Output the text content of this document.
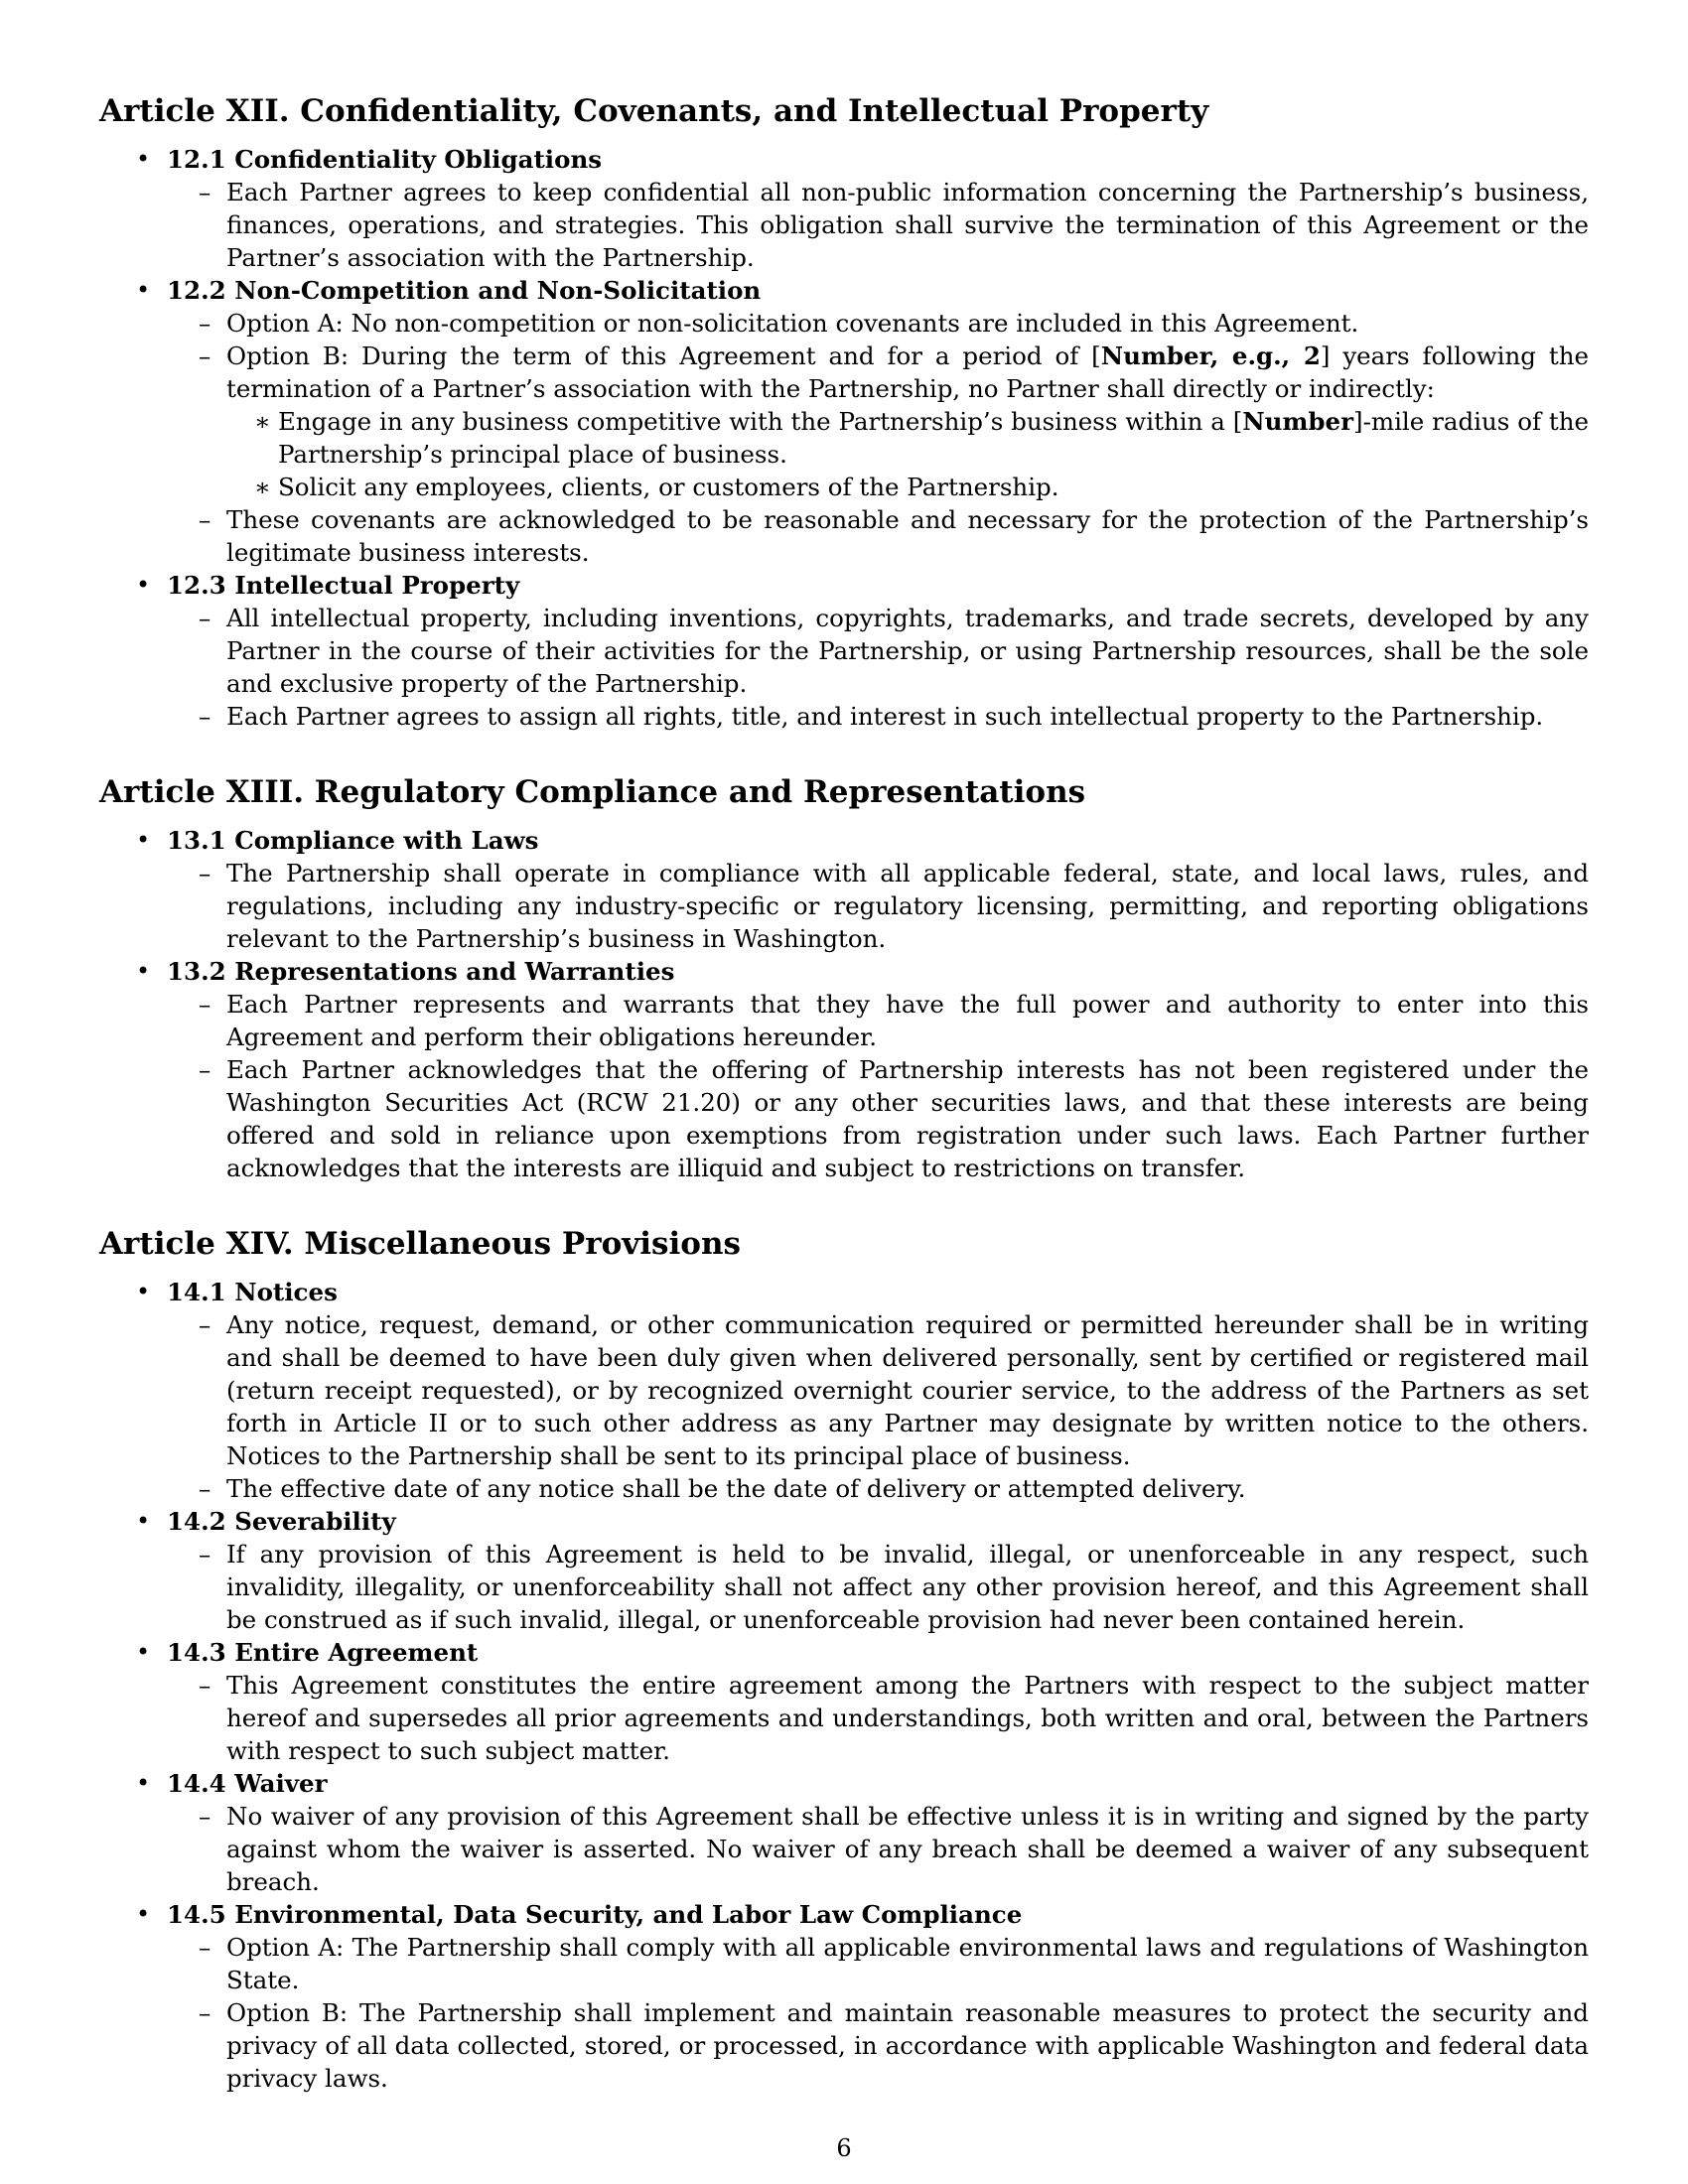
Article XII. Confidentiality, Covenants, and Intellectual Property
• 12.1 Confidentiality Obligations
– Each Partner agrees to keep confidential all non-public information concerning the Partnership’s business, finances, operations, and strategies. This obligation shall survive the termination of this Agreement or the Partner’s association with the Partnership.
• 12.2 Non-Competition and Non-Solicitation
– Option A: No non-competition or non-solicitation covenants are included in this Agreement.
– Option B: During the term of this Agreement and for a period of [Number, e.g., 2] years following the termination of a Partner’s association with the Partnership, no Partner shall directly or indirectly:
∗ Engage in any business competitive with the Partnership’s business within a [Number]-mile radius of the Partnership’s principal place of business.
∗ Solicit any employees, clients, or customers of the Partnership.
– These covenants are acknowledged to be reasonable and necessary for the protection of the Partnership’s legitimate business interests.
• 12.3 Intellectual Property
– All intellectual property, including inventions, copyrights, trademarks, and trade secrets, developed by any Partner in the course of their activities for the Partnership, or using Partnership resources, shall be the sole and exclusive property of the Partnership.
– Each Partner agrees to assign all rights, title, and interest in such intellectual property to the Partnership.
Article XIII. Regulatory Compliance and Representations
• 13.1 Compliance with Laws
– The Partnership shall operate in compliance with all applicable federal, state, and local laws, rules, and regulations, including any industry-specific or regulatory licensing, permitting, and reporting obligations relevant to the Partnership’s business in Washington.
• 13.2 Representations and Warranties
– Each Partner represents and warrants that they have the full power and authority to enter into this Agreement and perform their obligations hereunder.
– Each Partner acknowledges that the offering of Partnership interests has not been registered under the Washington Securities Act (RCW 21.20) or any other securities laws, and that these interests are being offered and sold in reliance upon exemptions from registration under such laws. Each Partner further acknowledges that the interests are illiquid and subject to restrictions on transfer.
Article XIV. Miscellaneous Provisions
• 14.1 Notices
– Any notice, request, demand, or other communication required or permitted hereunder shall be in writing and shall be deemed to have been duly given when delivered personally, sent by certified or registered mail (return receipt requested), or by recognized overnight courier service, to the address of the Partners as set forth in Article II or to such other address as any Partner may designate by written notice to the others. Notices to the Partnership shall be sent to its principal place of business.
– The effective date of any notice shall be the date of delivery or attempted delivery.
• 14.2 Severability
– If any provision of this Agreement is held to be invalid, illegal, or unenforceable in any respect, such invalidity, illegality, or unenforceability shall not affect any other provision hereof, and this Agreement shall be construed as if such invalid, illegal, or unenforceable provision had never been contained herein.
• 14.3 Entire Agreement
– This Agreement constitutes the entire agreement among the Partners with respect to the subject matter hereof and supersedes all prior agreements and understandings, both written and oral, between the Partners with respect to such subject matter.
• 14.4 Waiver
– No waiver of any provision of this Agreement shall be effective unless it is in writing and signed by the party against whom the waiver is asserted. No waiver of any breach shall be deemed a waiver of any subsequent breach.
• 14.5 Environmental, Data Security, and Labor Law Compliance
– Option A: The Partnership shall comply with all applicable environmental laws and regulations of Washington State.
– Option B: The Partnership shall implement and maintain reasonable measures to protect the security and privacy of all data collected, stored, or processed, in accordance with applicable Washington and federal data privacy laws.
6
